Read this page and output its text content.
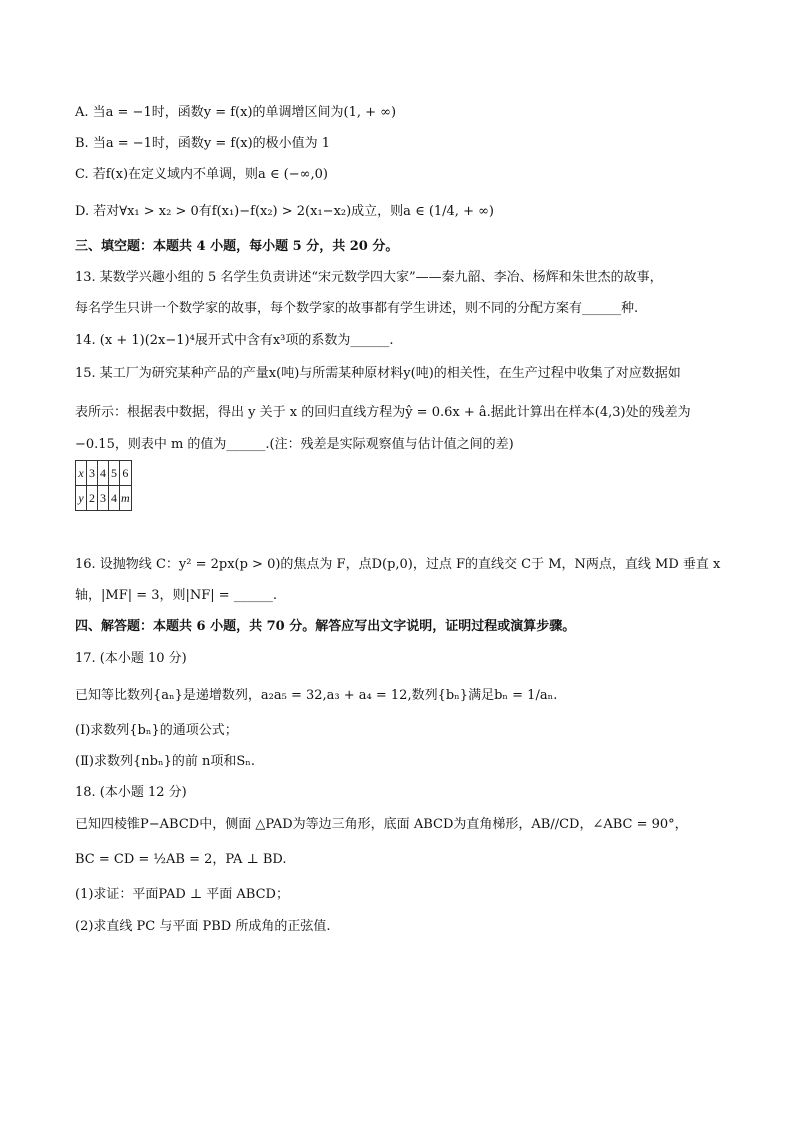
A. 当a = −1时，函数y = f(x)的单调增区间为(1, + ∞)
B. 当a = −1时，函数y = f(x)的极小值为 1
C. 若f(x)在定义域内不单调，则a ∈ (−∞,0)
D. 若对∀x₁ > x₂ > 0有f(x₁)−f(x₂) > 2(x₁−x₂)成立，则a ∈ (1/4, + ∞)
三、填空题：本题共 4 小题，每小题 5 分，共 20 分。
13. 某数学兴趣小组的 5 名学生负责讲述“宋元数学四大家”——秦九韶、李冶、杨辉和朱世杰的故事，
每名学生只讲一个数学家的故事，每个数学家的故事都有学生讲述，则不同的分配方案有______种.
14. (x + 1)(2x−1)⁴展开式中含有x³项的系数为______.
15. 某工厂为研究某种产品的产量x(吨)与所需某种原材料y(吨)的相关性，在生产过程中收集了对应数据如
表所示：根据表中数据，得出 y 关于 x 的回归直线方程为ŷ = 0.6x + â.据此计算出在样本(4,3)处的残差为
−0.15，则表中 m 的值为______.(注：残差是实际观察值与估计值之间的差)
x	3	4	5	6
y	2	3	4	m
16. 设抛物线 C：y² = 2px(p > 0)的焦点为 F，点D(p,0)，过点 F的直线交 C于 M，N两点，直线 MD 垂直 x
轴，|MF| = 3，则|NF| = ______.
四、解答题：本题共 6 小题，共 70 分。解答应写出文字说明，证明过程或演算步骤。
17. (本小题 10 分)
已知等比数列{aₙ}是递增数列，a₂a₅ = 32,a₃ + a₄ = 12,数列{bₙ}满足bₙ = 1/aₙ.
(I)求数列{bₙ}的通项公式；
(Ⅱ)求数列{nbₙ}的前 n项和Sₙ.
18. (本小题 12 分)
已知四棱锥P−ABCD中，侧面 △PAD为等边三角形，底面 ABCD为直角梯形，AB//CD，∠ABC = 90°，
BC = CD = ½AB = 2，PA ⊥ BD.
(1)求证：平面PAD ⊥ 平面 ABCD；
(2)求直线 PC 与平面 PBD 所成角的正弦值.
